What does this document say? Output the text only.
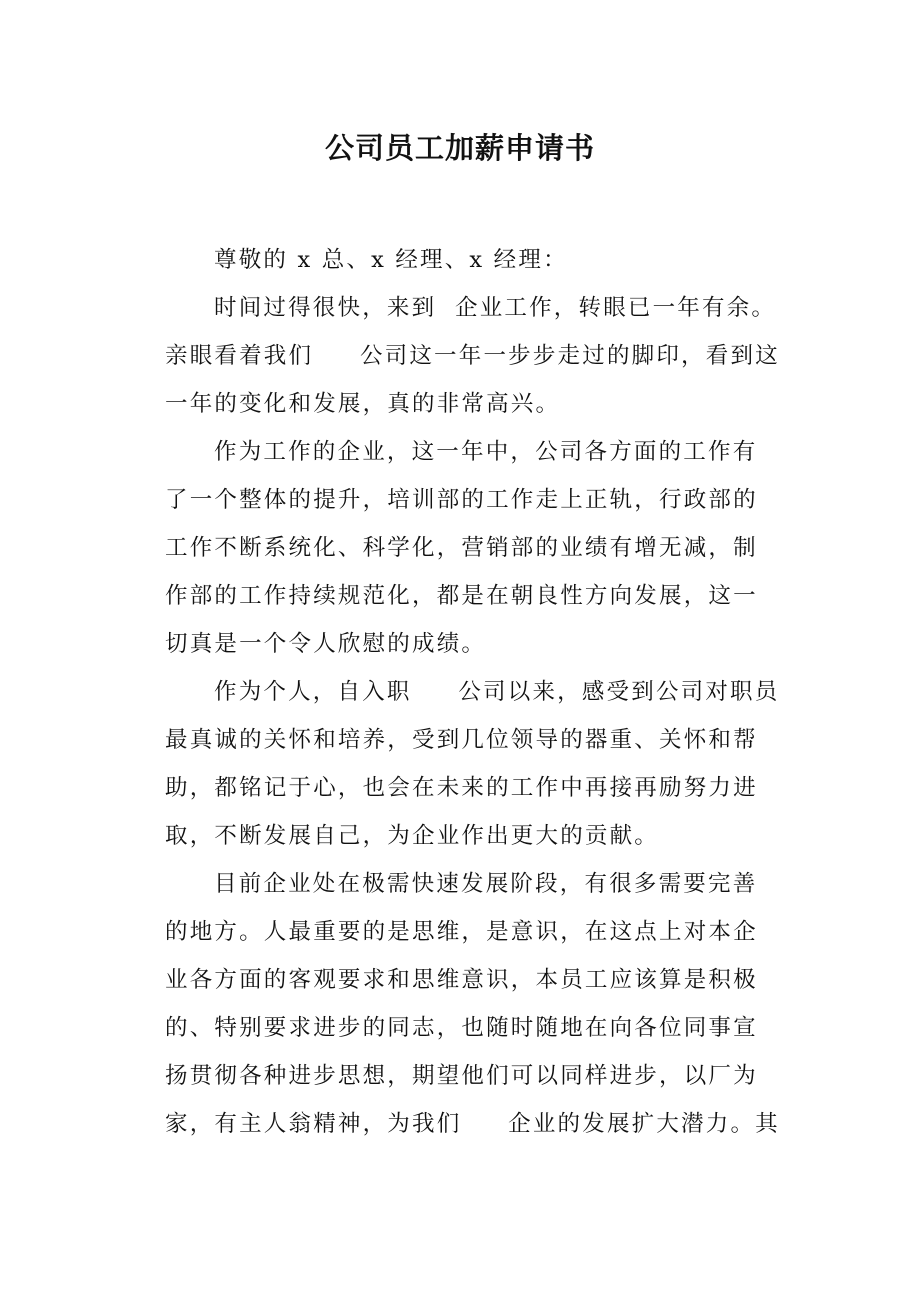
公司员工加薪申请书
尊敬的 x 总、x 经理、x 经理：
时间过得很快，来到  企业工作，转眼已一年有余。
亲眼看着我们     公司这一年一步步走过的脚印，看到这
一年的变化和发展，真的非常高兴。
作为工作的企业，这一年中，公司各方面的工作有
了一个整体的提升，培训部的工作走上正轨，行政部的
工作不断系统化、科学化，营销部的业绩有增无减，制
作部的工作持续规范化，都是在朝良性方向发展，这一
切真是一个令人欣慰的成绩。
作为个人，自入职     公司以来，感受到公司对职员
最真诚的关怀和培养，受到几位领导的器重、关怀和帮
助，都铭记于心，也会在未来的工作中再接再励努力进
取，不断发展自己，为企业作出更大的贡献。
目前企业处在极需快速发展阶段，有很多需要完善
的地方。人最重要的是思维，是意识，在这点上对本企
业各方面的客观要求和思维意识，本员工应该算是积极
的、特别要求进步的同志，也随时随地在向各位同事宣
扬贯彻各种进步思想，期望他们可以同样进步，以厂为
家，有主人翁精神，为我们     企业的发展扩大潜力。其
